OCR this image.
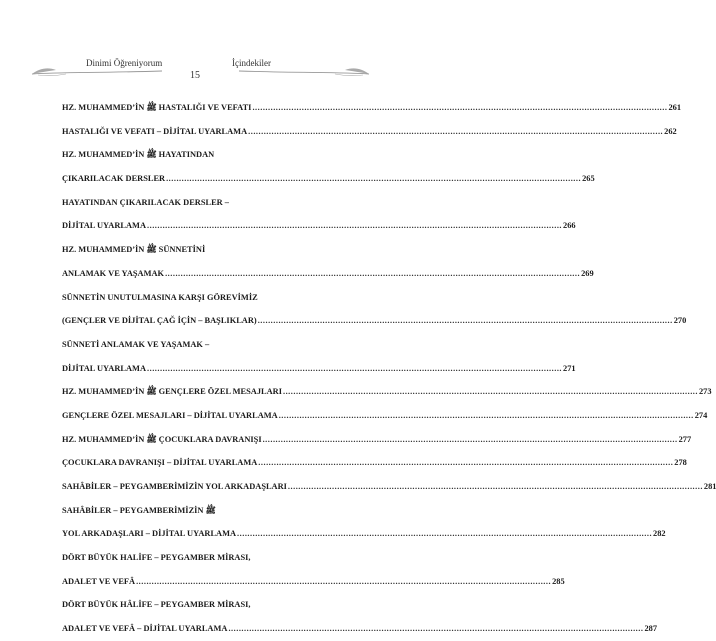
Dinimi Öğreniyorum
15
İçindekiler
HZ. MUHAMMED’İN ﷺ HASTALIĞI VE VEFATI .....	261
HASTALIĞI VE VEFATI – DİJİTAL UYARLAMA .....	262
HZ. MUHAMMED’İN ﷺ HAYATINDAN
ÇIKARILACAK DERSLER .....	265
HAYATINDAN ÇIKARILACAK DERSLER –
DİJİTAL UYARLAMA .....	266
HZ. MUHAMMED’İN ﷺ SÜNNETİNİ
ANLAMAK VE YAŞAMAK .....	269
SÜNNETİN UNUTULMASINA KARŞI GÖREVİMİZ
(GENÇLER VE DİJİTAL ÇAĞ İÇİN – BAŞLIKLAR) .....	270
SÜNNETİ ANLAMAK VE YAŞAMAK –
DİJİTAL UYARLAMA .....	271
HZ. MUHAMMED’İN ﷺ GENÇLERE ÖZEL MESAJLARI .....	273
GENÇLERE ÖZEL MESAJLARI – DİJİTAL UYARLAMA .....	274
HZ. MUHAMMED’İN ﷺ ÇOCUKLARA DAVRANIŞI .....	277
ÇOCUKLARA DAVRANIŞI – DİJİTAL UYARLAMA .....	278
SAHÂBİLER – PEYGAMBERİMİZİN YOL ARKADAŞLARI .....	281
SAHÂBİLER – PEYGAMBERİMİZİN ﷺ
YOL ARKADAŞLARI – DİJİTAL UYARLAMA .....	282
DÖRT BÜYÜK HALİFE – PEYGAMBER MİRASI,
ADALET VE VEFÂ .....	285
DÖRT BÜYÜK HÂLİFE – PEYGAMBER MİRASI,
ADALET VE VEFÂ – DİJİTAL UYARLAMA .....	287
